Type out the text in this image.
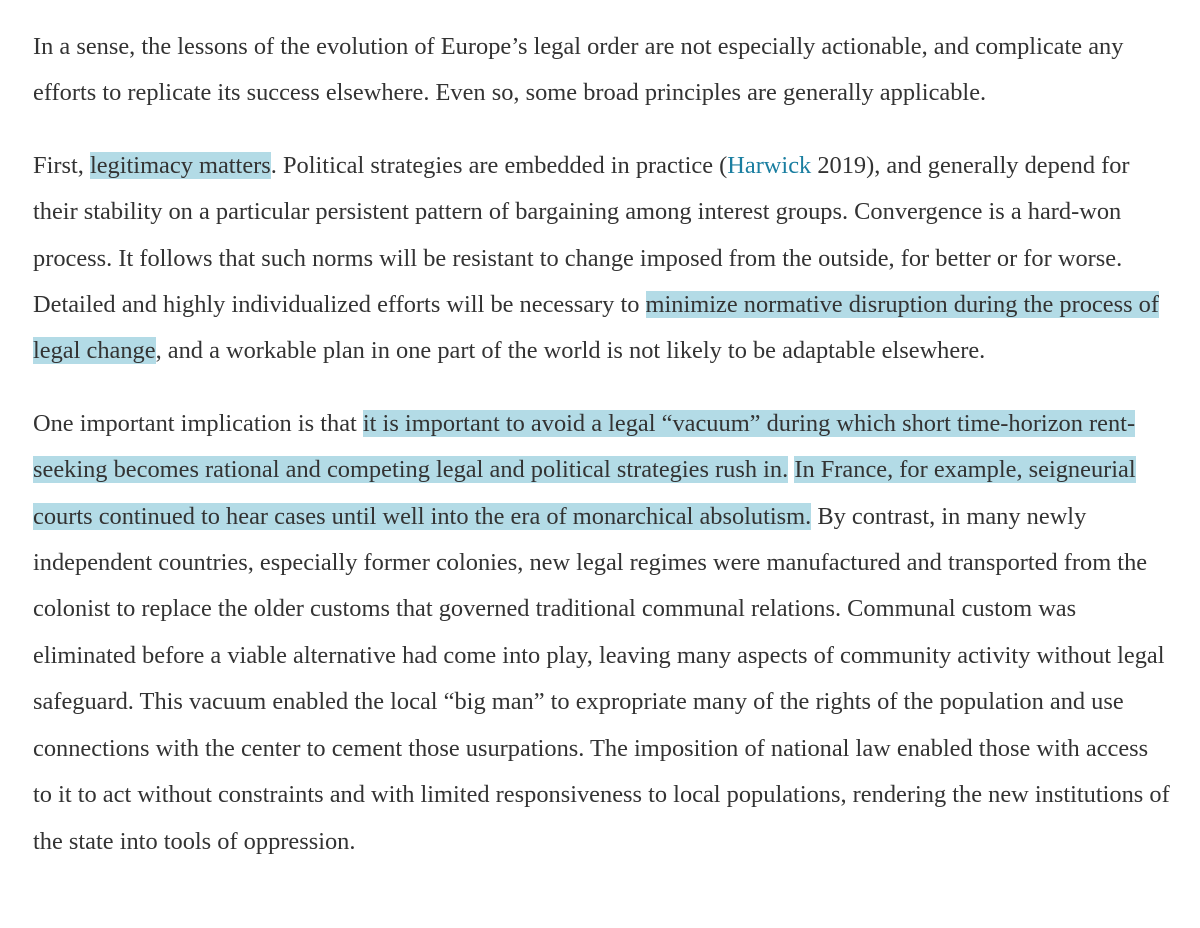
In a sense, the lessons of the evolution of Europe’s legal order are not especially actionable, and complicate any efforts to replicate its success elsewhere. Even so, some broad principles are generally applicable.

First, legitimacy matters. Political strategies are embedded in practice (Harwick 2019), and generally depend for their stability on a particular persistent pattern of bargaining among interest groups. Convergence is a hard-won process. It follows that such norms will be resistant to change imposed from the outside, for better or for worse. Detailed and highly individualized efforts will be necessary to minimize normative disruption during the process of legal change, and a workable plan in one part of the world is not likely to be adaptable elsewhere.

One important implication is that it is important to avoid a legal “vacuum” during which short time-horizon rent-seeking becomes rational and competing legal and political strategies rush in. In France, for example, seigneurial courts continued to hear cases until well into the era of monarchical absolutism. By contrast, in many newly independent countries, especially former colonies, new legal regimes were manufactured and transported from the colonist to replace the older customs that governed traditional communal relations. Communal custom was eliminated before a viable alternative had come into play, leaving many aspects of community activity without legal safeguard. This vacuum enabled the local “big man” to expropriate many of the rights of the population and use connections with the center to cement those usurpations. The imposition of national law enabled those with access to it to act without constraints and with limited responsiveness to local populations, rendering the new institutions of the state into tools of oppression.
